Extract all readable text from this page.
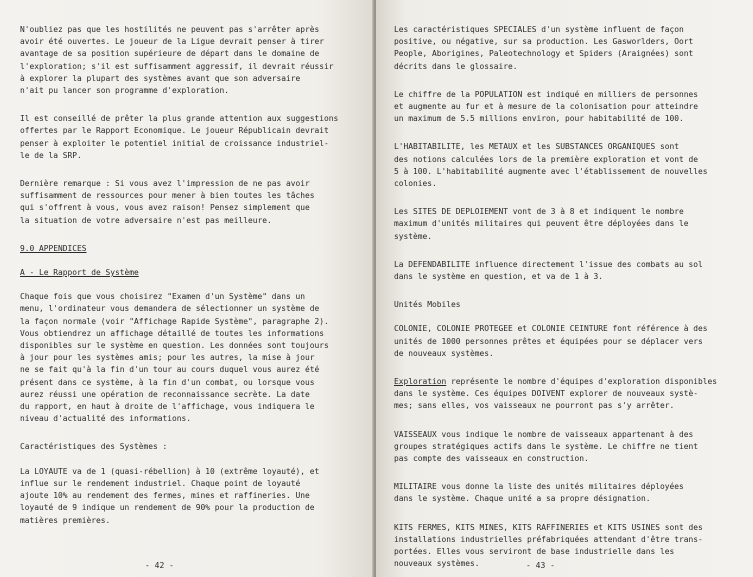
N'oubliez pas que les hostilités ne peuvent pas s'arrêter après
avoir été ouvertes. Le joueur de la Ligue devrait penser à tirer
avantage de sa position supérieure de départ dans le domaine de
l'exploration; s'il est suffisamment aggressif, il devrait réussir
à explorer la plupart des systèmes avant que son adversaire
n'ait pu lancer son programme d'exploration.

Il est conseillé de prêter la plus grande attention aux suggestions
offertes par le Rapport Economique. Le joueur Républicain devrait
penser à exploiter le potentiel initial de croissance industriel-
le de la SRP.

Dernière remarque : Si vous avez l'impression de ne pas avoir
suffisamment de ressources pour mener à bien toutes les tâches
qui s'offrent à vous, vous avez raison! Pensez simplement que
la situation de votre adversaire n'est pas meilleure.

9.0 APPENDICES

A - Le Rapport de Système

Chaque fois que vous choisirez "Examen d'un Système" dans un
menu, l'ordinateur vous demandera de sélectionner un système de
la façon normale (voir "Affichage Rapide Système", paragraphe 2).
Vous obtiendrez un affichage détaillé de toutes les informations
disponibles sur le système en question. Les données sont toujours
à jour pour les systèmes amis; pour les autres, la mise à jour
ne se fait qu'à la fin d'un tour au cours duquel vous aurez été
présent dans ce système, à la fin d'un combat, ou lorsque vous
aurez réussi une opération de reconnaissance secrète. La date
du rapport, en haut à droite de l'affichage, vous indiquera le
niveau d'actualité des informations.

Caractéristiques des Systèmes :

La LOYAUTE va de 1 (quasi-rébellion) à 10 (extrême loyauté), et
influe sur le rendement industriel. Chaque point de loyauté
ajoute 10% au rendement des fermes, mines et raffineries. Une
loyauté de 9 indique un rendement de 90% pour la production de
matières premières.

- 42 -

Les caractéristiques SPECIALES d'un système influent de façon
positive, ou négative, sur sa production. Les Gasworlders, Oort
People, Aborigines, Paleotechnology et Spiders (Araignées) sont
décrits dans le glossaire.

Le chiffre de la POPULATION est indiqué en milliers de personnes
et augmente au fur et à mesure de la colonisation pour atteindre
un maximum de 5.5 millions environ, pour habitabilité de 100.

L'HABITABILITE, les METAUX et les SUBSTANCES ORGANIQUES sont
des notions calculées lors de la première exploration et vont de
5 à 100. L'habitabilité augmente avec l'établissement de nouvelles
colonies.

Les SITES DE DEPLOIEMENT vont de 3 à 8 et indiquent le nombre
maximum d'unités militaires qui peuvent être déployées dans le
système.

La DEFENDABILITE influence directement l'issue des combats au sol
dans le système en question, et va de 1 à 3.

Unités Mobiles

COLONIE, COLONIE PROTEGEE et COLONIE CEINTURE font référence à des
unités de 1000 personnes prêtes et équipées pour se déplacer vers
de nouveaux systèmes.

Exploration représente le nombre d'équipes d'exploration disponibles
dans le système. Ces équipes DOIVENT explorer de nouveaux systè-
mes; sans elles, vos vaisseaux ne pourront pas s'y arrêter.

VAISSEAUX vous indique le nombre de vaisseaux appartenant à des
groupes stratégiques actifs dans le système. Le chiffre ne tient
pas compte des vaisseaux en construction.

MILITAIRE vous donne la liste des unités militaires déployées
dans le système. Chaque unité a sa propre désignation.

KITS FERMES, KITS MINES, KITS RAFFINERIES et KITS USINES sont des
installations industrielles préfabriquées attendant d'être trans-
portées. Elles vous serviront de base industrielle dans les
nouveaux systèmes.	- 43 -
